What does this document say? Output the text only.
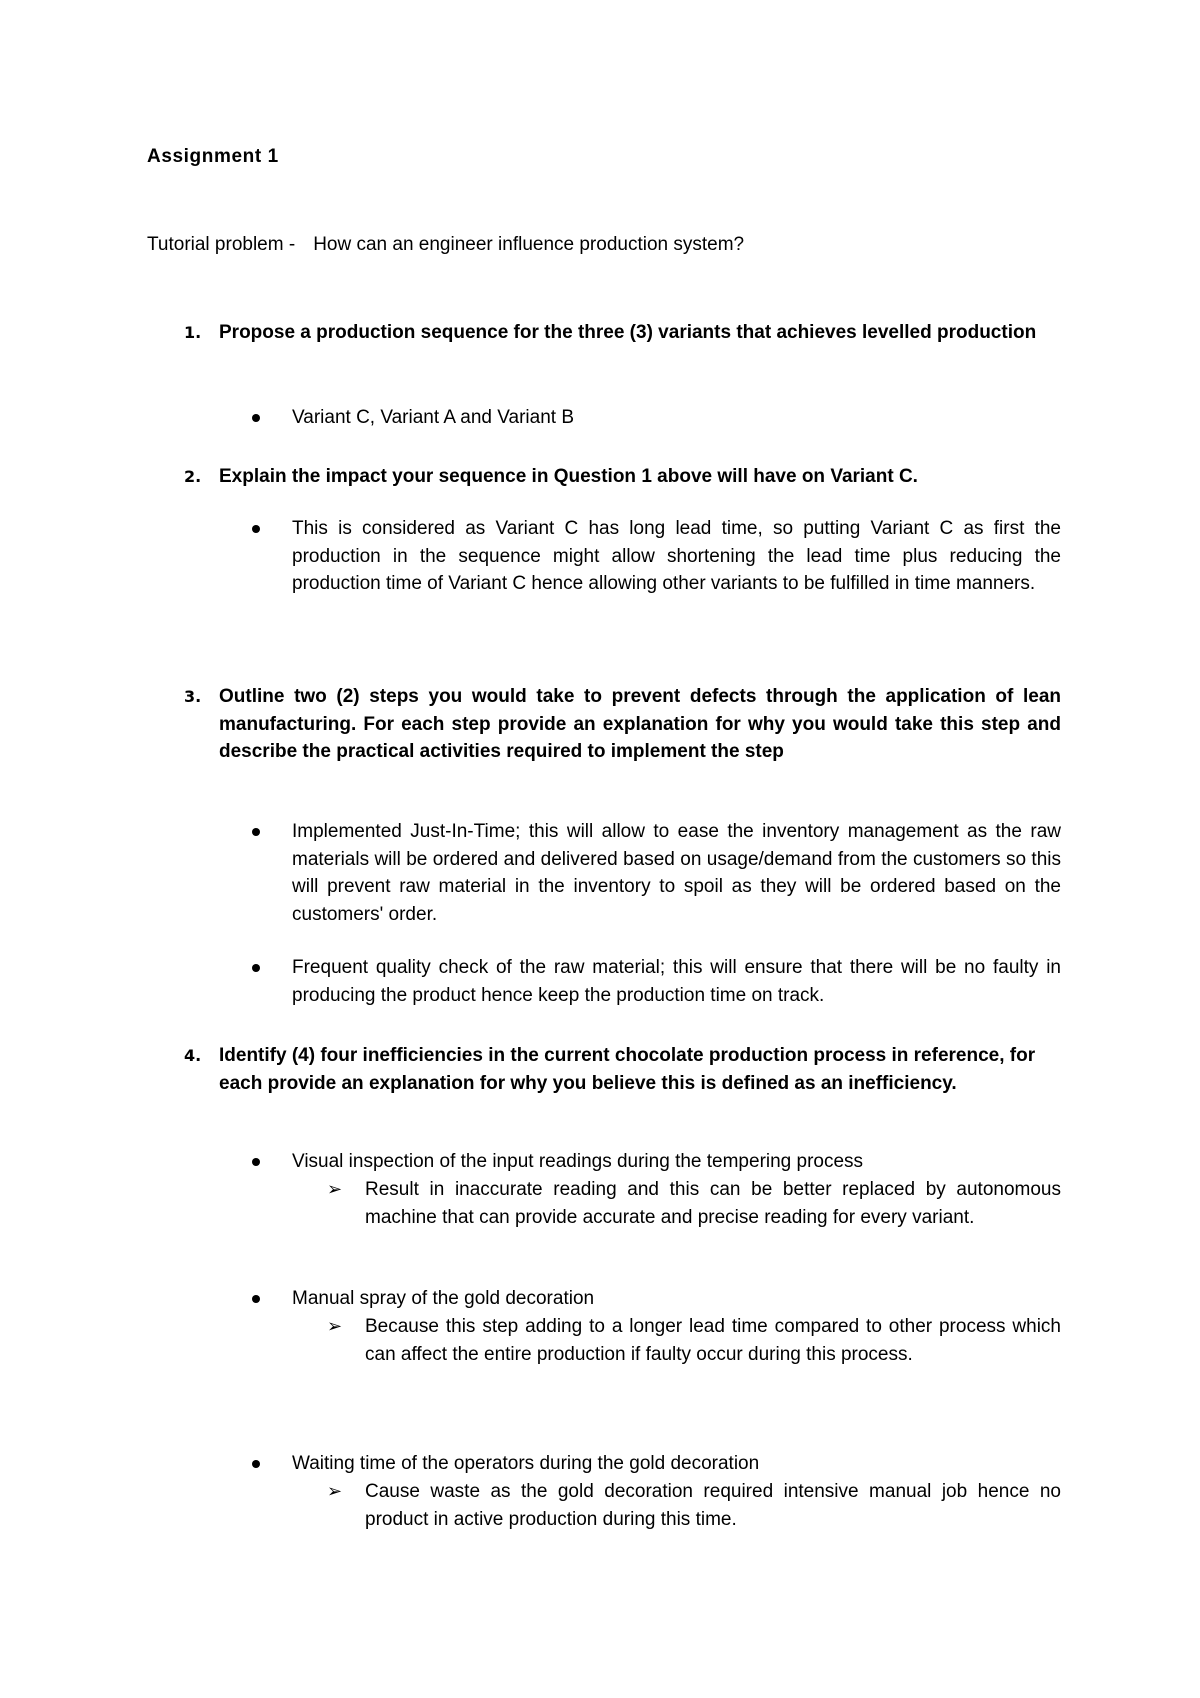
Assignment 1
Tutorial problem - How can an engineer influence production system?
1. Propose a production sequence for the three (3) variants that achieves levelled production
Variant C, Variant A and Variant B
2. Explain the impact your sequence in Question 1 above will have on Variant C.
This is considered as Variant C has long lead time, so putting Variant C as first the production in the sequence might allow shortening the lead time plus reducing the production time of Variant C hence allowing other variants to be fulfilled in time manners.
3. Outline two (2) steps you would take to prevent defects through the application of lean manufacturing. For each step provide an explanation for why you would take this step and describe the practical activities required to implement the step
Implemented Just-In-Time; this will allow to ease the inventory management as the raw materials will be ordered and delivered based on usage/demand from the customers so this will prevent raw material in the inventory to spoil as they will be ordered based on the customers' order.
Frequent quality check of the raw material; this will ensure that there will be no faulty in producing the product hence keep the production time on track.
4. Identify (4) four inefficiencies in the current chocolate production process in reference, for each provide an explanation for why you believe this is defined as an inefficiency.
Visual inspection of the input readings during the tempering process
➢ Result in inaccurate reading and this can be better replaced by autonomous machine that can provide accurate and precise reading for every variant.
Manual spray of the gold decoration
➢ Because this step adding to a longer lead time compared to other process which can affect the entire production if faulty occur during this process.
Waiting time of the operators during the gold decoration
➢ Cause waste as the gold decoration required intensive manual job hence no product in active production during this time.
